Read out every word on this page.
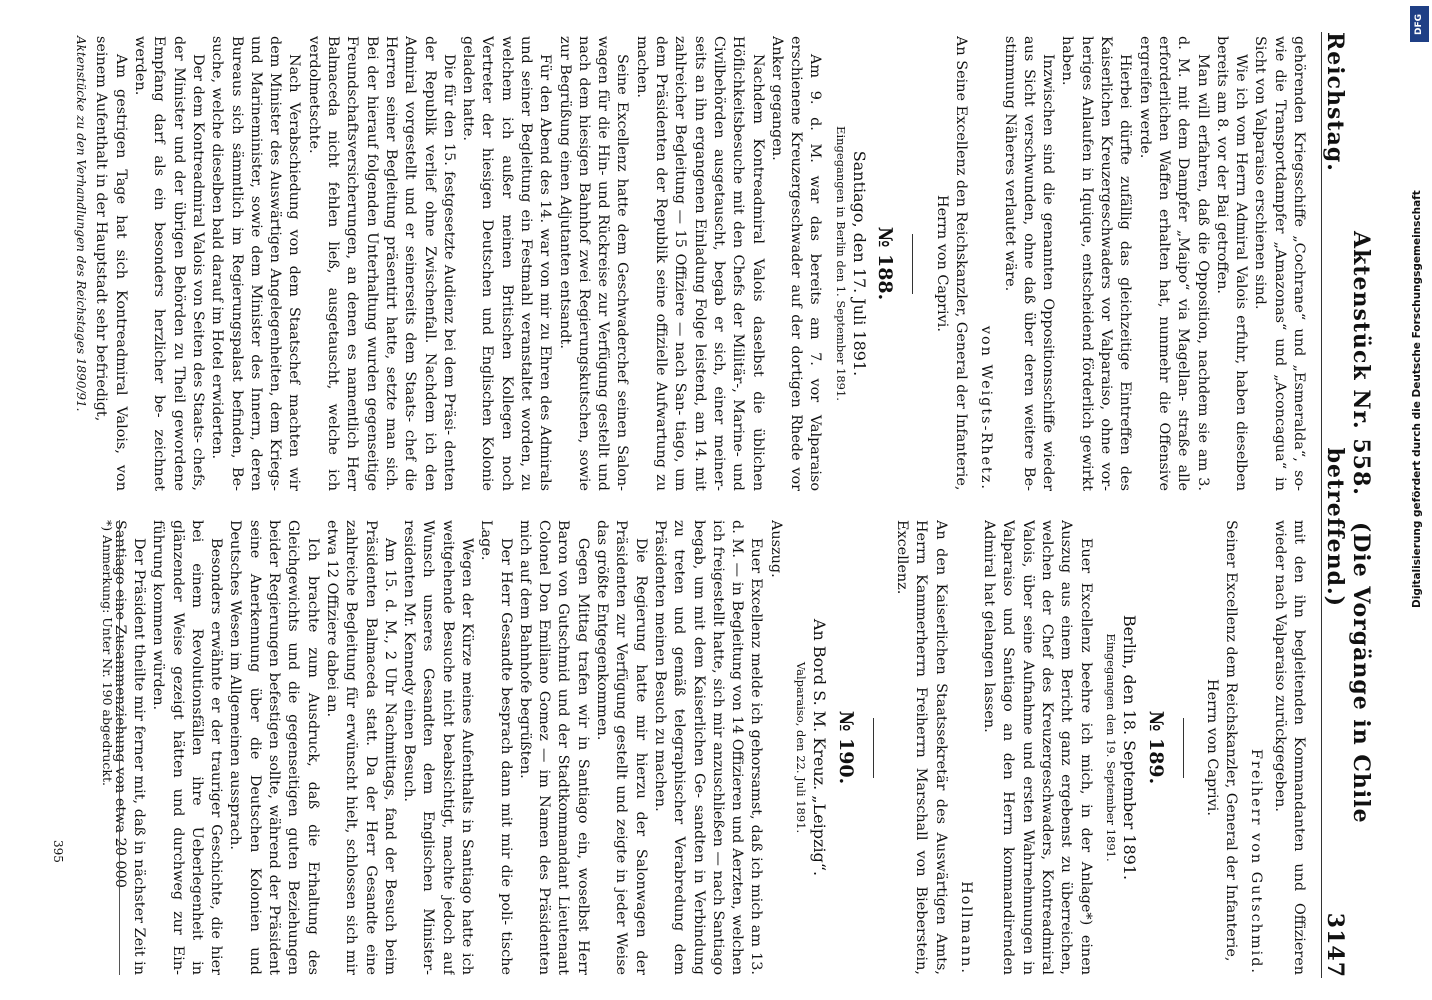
Reichstag.
Aktenstück Nr. 558.   (Die Vorgänge in Chile betreffend.)
3147

gehörenden Kriegsschiffe „Cochrane“ und „Esmeralda“, so- wie die Transportdampfer „Amazonas“ und „Aconcagua“ in Sicht von Valparaiso erschienen sind.

Wie ich vom Herrn Admiral Valois erfuhr, haben dieselben bereits am 8. vor der Bai getroffen.

Man will erfahren, daß die Opposition, nachdem sie am 3. d. M. mit dem Dampfer „Maipo“ via Magellan- straße alle erforderlichen Waffen erhalten hat, nunmehr die Offensive ergreifen werde.

Hierbei dürfte zufällig das gleichzeitige Eintreffen des Kaiserlichen Kreuzergeschwaders vor Valparaiso, ohne vor- heriges Anlaufen in Iquique, entscheidend förderlich gewirkt haben.

Inzwischen sind die genannten Oppositionsschiffe wieder aus Sicht verschwunden, ohne daß über deren weitere Be- stimmung Näheres verlautet wäre.

von Weigts-Rhetz.
An Seine Excellenz den Reichskanzler, General der Infanterie,
Herrn von Caprivi.
№ 188.
Santiago, den 17. Juli 1891.
Eingegangen in Berlin den 1. September 1891.

Am 9. d. M. war das bereits am 7. vor Valparaiso erschienene Kreuzergeschwader auf der dortigen Rhede vor Anker gegangen.

Nachdem Kontreadmiral Valois daselbst die üblichen Höflichkeitsbesuche mit den Chefs der Militär-, Marine- und Civilbehörden ausgetauscht, begab er sich, einer meiner- seits an ihn ergangenen Einladung Folge leistend, am 14. mit zahlreicher Begleitung — 15 Offiziere — nach San- tiago, um dem Präsidenten der Republik seine offizielle Aufwartung zu machen.

Seine Excellenz hatte dem Geschwaderchef seinen Salon- wagen für die Hin- und Rückreise zur Verfügung gestellt und nach dem hiesigen Bahnhof zwei Regierungskutschen, sowie zur Begrüßung einen Adjutanten entsandt.

Für den Abend des 14. war von mir zu Ehren des Admirals und seiner Begleitung ein Festmahl veranstaltet worden, zu welchem ich außer meinen Britischen Kollegen noch Vertreter der hiesigen Deutschen und Englischen Kolonie geladen hatte.

Die für den 15. festgesetzte Audienz bei dem Präsi- denten der Republik verlief ohne Zwischenfall. Nachdem ich den Admiral vorgestellt und er seinerseits dem Staats- chef die Herren seiner Begleitung präsentirt hatte, setzte man sich. Bei der hierauf folgenden Unterhaltung wurden gegenseitige Freundschaftsversicherungen, an denen es namentlich Herr Balmaceda nicht fehlen ließ, ausgetauscht, welche ich verdolmetschte.

Nach Verabschiedung von dem Staatschef machten wir dem Minister des Auswärtigen Angelegenheiten, dem Kriegs- und Marineminister, sowie dem Minister des Innern, deren Bureaus sich sämmtlich im Regierungspalast befinden, Be- suche, welche dieselben bald darauf im Hotel erwiderten.

Der dem Kontreadmiral Valois von Seiten des Staats- chefs, der Minister und der übrigen Behörden zu Theil gewordene Empfang darf als ein besonders herzlicher be- zeichnet werden.

Am gestrigen Tage hat sich Kontreadmiral Valois, von seinem Aufenthalt in der Hauptstadt sehr befriedigt,

Aktenstücke zu den Verhandlungen des Reichstages 1890/91.

mit den ihn begleitenden Kommandanten und Offizieren wieder nach Valparaiso zurückgegeben.

Freiherr von Gutschmid.
Seiner Excellenz dem Reichskanzler, General der Infanterie,
Herrn von Caprivi.
№ 189.
Berlin, den 18. September 1891.
Eingegangen den 19. September 1891.

Euer Excellenz beehre ich mich, in der Anlage*) einen Auszug aus einem Bericht ganz ergebenst zu überreichen, welchen der Chef des Kreuzergeschwaders, Kontreadmiral Valois, über seine Aufnahme und ersten Wahrnehmungen in Valparaiso und Santiago an den Herrn kommandirenden Admiral hat gelangen lassen.

Hollmann.

An den Kaiserlichen Staatssekretär des Auswärtigen Amts, Herrn Kammerherrn Freiherrn Marschall von Bieberstein, Excellenz.

№ 190.
An Bord S. M. Kreuz. „Leipzig“.
Valparaiso, den 22. Juli 1891.

Auszug.

Euer Excellenz melde ich gehorsamst, daß ich mich am 13. d. M. — in Begleitung von 14 Offizieren und Aerzten, welchen ich freigestellt hatte, sich mir anzuschließen — nach Santiago begab, um mit dem Kaiserlichen Ge- sandten in Verbindung zu treten und gemäß telegraphischer Verabredung dem Präsidenten meinen Besuch zu machen.

Die Regierung hatte mir hierzu der Salonwagen der Präsidenten zur Verfügung gestellt und zeigte in jeder Weise das größte Entgegenkommen.

Gegen Mittag trafen wir in Santiago ein, woselbst Herr Baron von Gutschmid und der Stadtkommandant Lieutenant Colonel Don Emiliano Gomez — im Namen des Präsidenten mich auf dem Bahnhofe begrüßten.

Der Herr Gesandte besprach dann mit mir die poli- tische Lage.

Wegen der Kürze meines Aufenthalts in Santiago hatte ich weitgehende Besuche nicht beabsichtigt, machte jedoch auf Wunsch unseres Gesandten dem Englischen Minister- residenten Mr. Kennedy einen Besuch.

Am 15. d. M., 2 Uhr Nachmittags, fand der Besuch beim Präsidenten Balmaceda statt. Da der Herr Gesandte eine zahlreiche Begleitung für erwünscht hielt, schlossen sich mir etwa 12 Offiziere dabei an.

Ich brachte zum Ausdruck, daß die Erhaltung des Gleichgewichts und die gegenseitigen guten Beziehungen beider Regierungen befestigen sollte, während der Präsident seine Anerkennung über die Deutschen Kolonien und Deutsches Wesen im Allgemeinen aussprach.

Besonders erwähnte er der trauriger Geschichte, die hier bei einem Revolutionsfällen ihre Ueberlegenheit in glänzender Weise gezeigt hätten und durchweg zur Ein- führung kommen würden.

Der Präsident theilte mir ferner mit, daß in nächster Zeit in Santiago eine Zusammenziehung von etwa 20 000

*) Anmerkung: Unter Nr. 190 abgedruckt.
395
DFG
Digitalisierung gefördert durch die Deutsche Forschungsgemeinschaft
